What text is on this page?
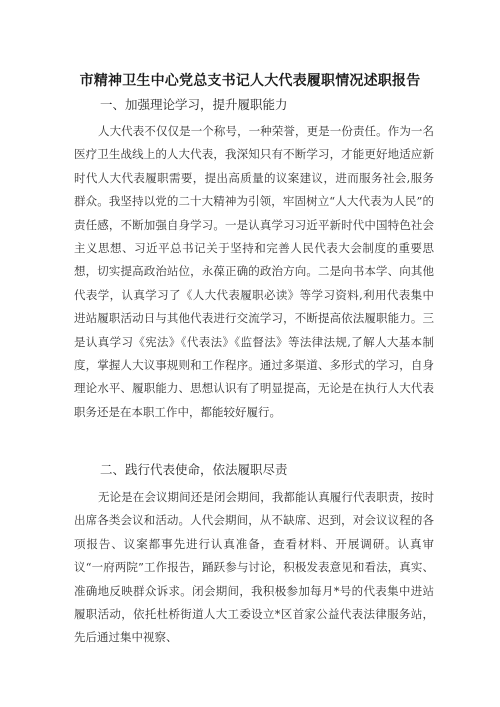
市精神卫生中心党总支书记人大代表履职情况述职报告

一、加强理论学习，提升履职能力

人大代表不仅仅是一个称号，一种荣誉，更是一份责任。作为一名医疗卫生战线上的人大代表，我深知只有不断学习，才能更好地适应新时代人大代表履职需要，提出高质量的议案建议，进而服务社会,服务群众。我坚持以党的二十大精神为引领，牢固树立“人大代表为人民”的责任感，不断加强自身学习。一是认真学习习近平新时代中国特色社会主义思想、习近平总书记关于坚持和完善人民代表大会制度的重要思想，切实提高政治站位，永葆正确的政治方向。二是向书本学、向其他代表学，认真学习了《人大代表履职必读》等学习资料,利用代表集中进站履职活动日与其他代表进行交流学习，不断提高依法履职能力。三是认真学习《宪法》《代表法》《监督法》等法律法规,了解人大基本制度，掌握人大议事规则和工作程序。通过多渠道、多形式的学习，自身理论水平、履职能力、思想认识有了明显提高，无论是在执行人大代表职务还是在本职工作中，都能较好履行。

二、践行代表使命，依法履职尽责

无论是在会议期间还是闭会期间，我都能认真履行代表职责，按时出席各类会议和活动。人代会期间，从不缺席、迟到，对会议议程的各项报告、议案都事先进行认真准备，查看材料、开展调研。认真审议“一府两院”工作报告，踊跃参与讨论，积极发表意见和看法，真实、准确地反映群众诉求。闭会期间，我积极参加每月*号的代表集中进站履职活动，依托杜桥街道人大工委设立*区首家公益代表法律服务站，先后通过集中视察、
